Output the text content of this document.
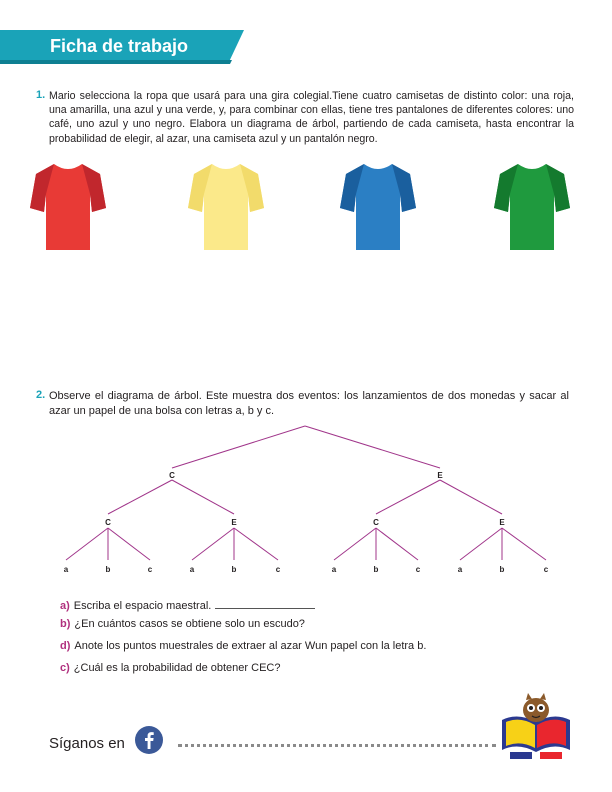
Ficha de trabajo
1. Mario selecciona la ropa que usará para una gira colegial.Tiene cuatro camisetas de distinto color: una roja, una amarilla, una azul y una verde, y, para combinar con ellas, tiene tres pantalones de diferentes colores: uno café, uno azul y uno negro. Elabora un diagrama de árbol, partiendo de cada camiseta, hasta encontrar la probabilidad de elegir, al azar, una camiseta azul y un pantalón negro.
2. Observe el diagrama de árbol. Este muestra dos eventos: los lanzamientos de dos monedas y sacar al azar un papel de una bolsa con letras a, b y c.
C	E
C	E	C	E
a	b	c	a	b	c	a	b	c	a	b	c
a) Escriba el espacio maestral.
b) ¿En cuántos casos se obtiene solo un escudo?
d) Anote los puntos muestrales de extraer al azar Wun papel con la letra b.
c) ¿Cuál es la probabilidad de obtener CEC?
Síganos en
